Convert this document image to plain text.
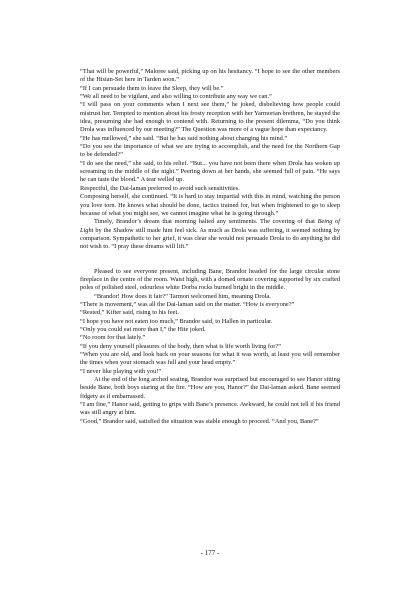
“That will be powerful,” Maloree said, picking up on his hesitancy. “I hope to see the other members of the Hisian-Set here in Tarden soon.”

“If I can persuade them to leave the Sleep, they will be.”

“We all need to be vigilant, and also willing to contribute any way we can.”

“I will pass on your comments when I next see them,” he joked, disbelieving how people could mistrust her. Tempted to mention about his frosty reception with her Yarmorian brethren, he stayed the idea, presuming she had enough to contend with. Returning to the present dilemma, “Do you think Drola was influenced by our meeting?” The Question was more of a vague hope than expectancy.

“He has mellowed,” she said. “But he has said nothing about changing his mind.”

“Do you see the importance of what we are trying to accomplish, and the need for the Northern Gap to be defended?”

“I do see the need,” she said, to his relief. “But... you have not been there when Drola has woken up screaming in the middle of the night.” Peering down at her hands, she seemed full of pain. “He says he can taste the blood.” A tear welled up.

Respectful, the Dai-laman preferred to avoid such sensitivities.

Composing herself, she continued. “It is hard to stay impartial with this in mind, watching the person you love torn. He knows what should be done, tactics trained for, but when frightened to go to sleep because of what you might see, we cannot imagine what he is going through.”

Timely, Brandor’s dream that morning halted any sentiments. The covering of that Being of Light by the Shadow still made him feel sick. As much as Drola was suffering, it seemed nothing by comparison. Sympathetic to her grief, it was clear she would not persuade Drola to do anything he did not wish to. “I pray these dreams will lift.”

Pleased to see everyone present, including Bane, Brandor headed for the large circular stone fireplace in the centre of the room. Waist high, with a domed ornate covering supported by six crafted poles of polished steel, odourless white Dorba rocks burned bright in the middle.

“Brandor! How does it fair?” Tarmon welcomed him, meaning Drola.

“There is movement,” was all the Dai-laman said on the matter. “How is everyone?”

“Rested,” Kifter said, rising to his feet.

“I hope you have not eaten too much,” Brandor said, to Hallen in particular.

“Only you could eat more than I,” the Hite joked.

“No room for that lately.”

“If you deny yourself pleasures of the body, then what is life worth living for?”

“When you are old, and look back on your seasons for what it was worth, at least you will remember the times when your stomach was full and your head empty.”

“I never like playing with you!”

At the end of the long arched seating, Brandor was surprised but encouraged to see Hanor sitting beside Bane, both boys staring at the fire. “How are you, Hanor?” the Dai-laman asked. Bane seemed fidgety as if embarrassed.

“I am fine,” Hanor said, getting to grips with Bane’s presence. Awkward, he could not tell if his friend was still angry at him.

“Good,” Brandor said, satisfied the situation was stable enough to proceed. “And you, Bane?”

- 177 -
